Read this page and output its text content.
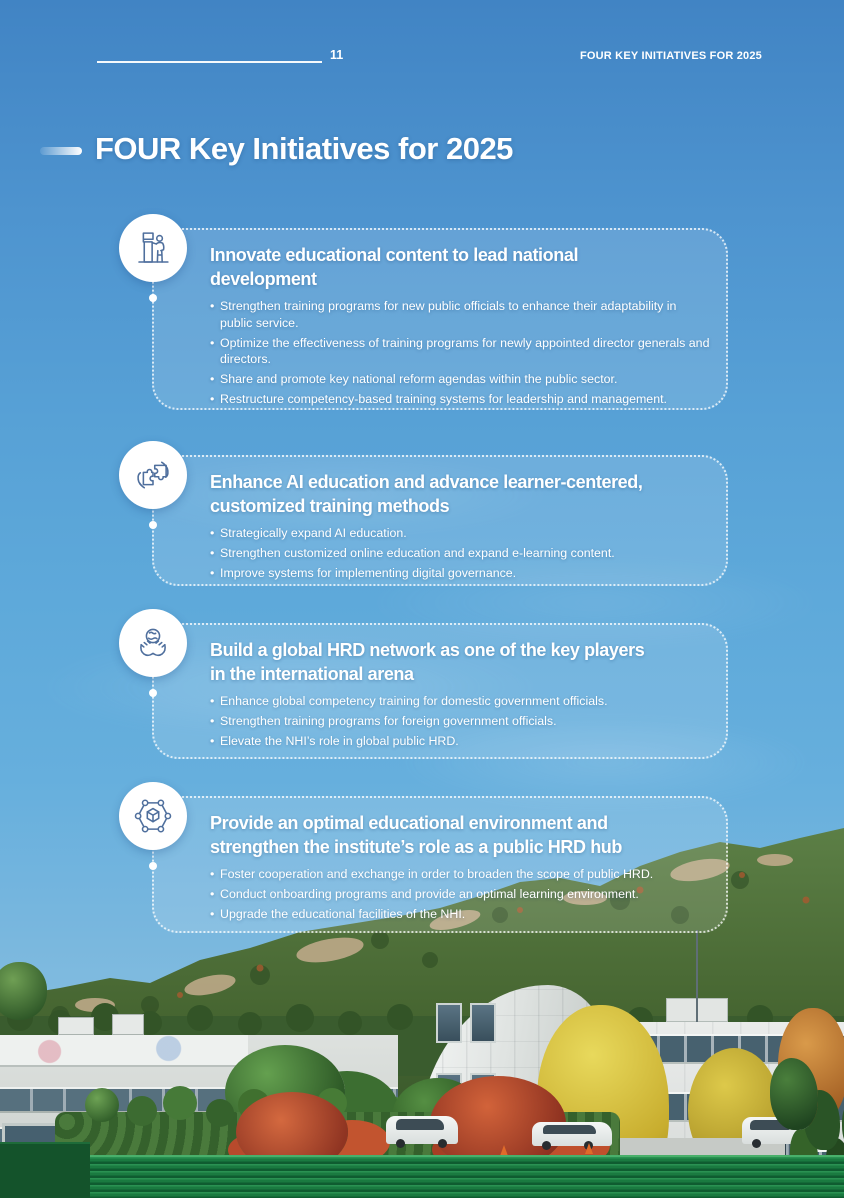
11	FOUR KEY INITIATIVES FOR 2025
FOUR Key Initiatives for 2025
Innovate educational content to lead national
development
• Strengthen training programs for new public officials to enhance their adaptability in public service.
• Optimize the effectiveness of training programs for newly appointed director generals and directors.
• Share and promote key national reform agendas within the public sector.
• Restructure competency-based training systems for leadership and management.
Enhance AI education and advance learner-centered,
customized training methods
• Strategically expand AI education.
• Strengthen customized online education and expand e-learning content.
• Improve systems for implementing digital governance.
Build a global HRD network as one of the key players
in the international arena
• Enhance global competency training for domestic government officials.
• Strengthen training programs for foreign government officials.
• Elevate the NHI’s role in global public HRD.
Provide an optimal educational environment and
strengthen the institute’s role as a public HRD hub
• Foster cooperation and exchange in order to broaden the scope of public HRD.
• Conduct onboarding programs and provide an optimal learning environment.
• Upgrade the educational facilities of the NHI.
